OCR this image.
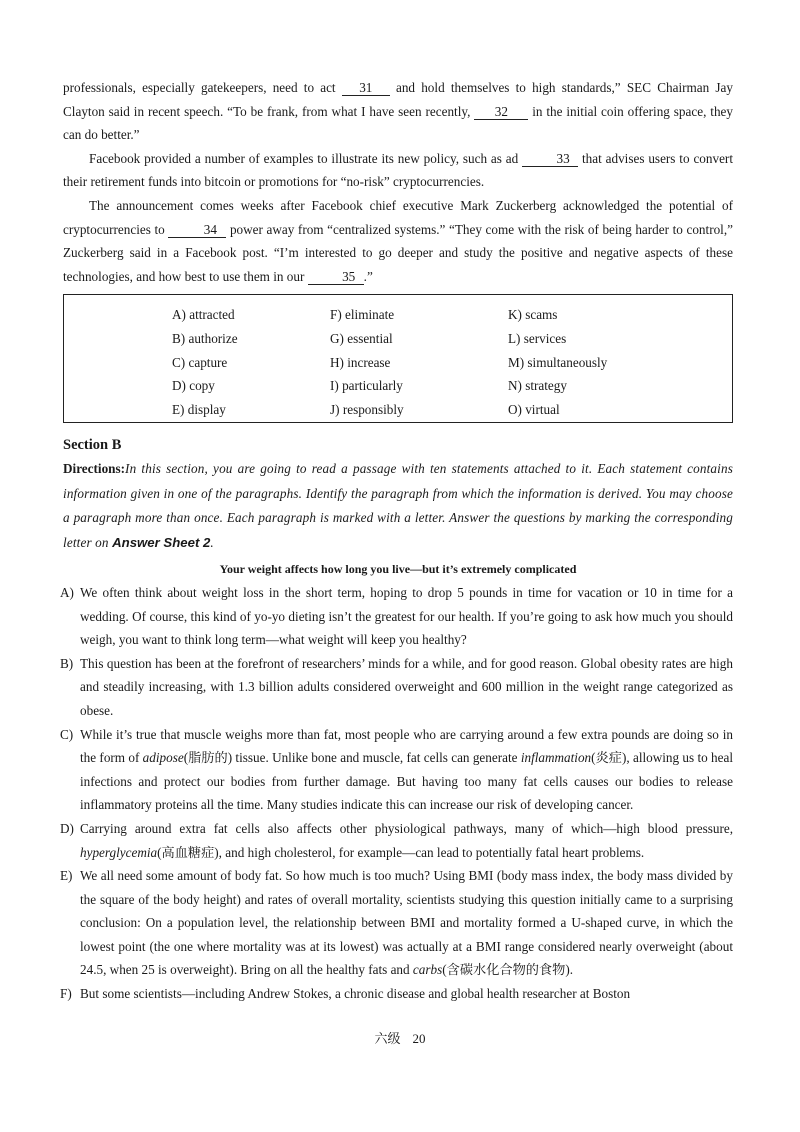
professionals, especially gatekeepers, need to act 31 and hold themselves to high standards,” SEC Chairman Jay Clayton said in recent speech. “To be frank, from what I have seen recently, 32 in the initial coin offering space, they can do better.”

Facebook provided a number of examples to illustrate its new policy, such as ad	33 that advises users to convert their retirement funds into bitcoin or promotions for “no-risk” cryptocurrencies.

The announcement comes weeks after Facebook chief executive Mark Zuckerberg acknowledged the potential of cryptocurrencies to	34 power away from “centralized systems.” “They come with the risk of being harder to control,” Zuckerberg said in a Facebook post. “I’m interested to go deeper and study the positive and negative aspects of these technologies, and how best to use them in our	35 .”

A) attracted
B) authorize
C) capture
D) copy
E) display
F) eliminate
G) essential
H) increase
I) particularly
J) responsibly
K) scams
L) services
M) simultaneously
N) strategy
O) virtual
Section B

Directions:In this section, you are going to read a passage with ten statements attached to it. Each statement contains information given in one of the paragraphs. Identify the paragraph from which the information is derived. You may choose a paragraph more than once. Each paragraph is marked with a letter. Answer the questions by marking the corresponding letter on Answer Sheet 2.

Your weight affects how long you live—but it’s extremely complicated
A) We often think about weight loss in the short term, hoping to drop 5 pounds in time for vacation or 10 in time for a wedding. Of course, this kind of yo-yo dieting isn’t the greatest for our health. If you’re going to ask how much you should weigh, you want to think long term—what weight will keep you healthy?
B) This question has been at the forefront of researchers’ minds for a while, and for good reason. Global obesity rates are high and steadily increasing, with 1.3 billion adults considered overweight and 600 million in the weight range categorized as obese.
C) While it’s true that muscle weighs more than fat, most people who are carrying around a few extra pounds are doing so in the form of adipose(脂肪的) tissue. Unlike bone and muscle, fat cells can generate inflammation(炎症), allowing us to heal infections and protect our bodies from further damage. But having too many fat cells causes our bodies to release inflammatory proteins all the time. Many studies indicate this can increase our risk of developing cancer.
D) Carrying around extra fat cells also affects other physiological pathways, many of which—high blood pressure, hyperglycemia(高血糖症), and high cholesterol, for example—can lead to potentially fatal heart problems.
E) We all need some amount of body fat. So how much is too much? Using BMI (body mass index, the body mass divided by the square of the body height) and rates of overall mortality, scientists studying this question initially came to a surprising conclusion: On a population level, the relationship between BMI and mortality formed a U-shaped curve, in which the lowest point (the one where mortality was at its lowest) was actually at a BMI range considered nearly overweight (about 24.5, when 25 is overweight). Bring on all the healthy fats and carbs(含碳水化合物的食物).
F) But some scientists—including Andrew Stokes, a chronic disease and global health researcher at Boston
六级 20
